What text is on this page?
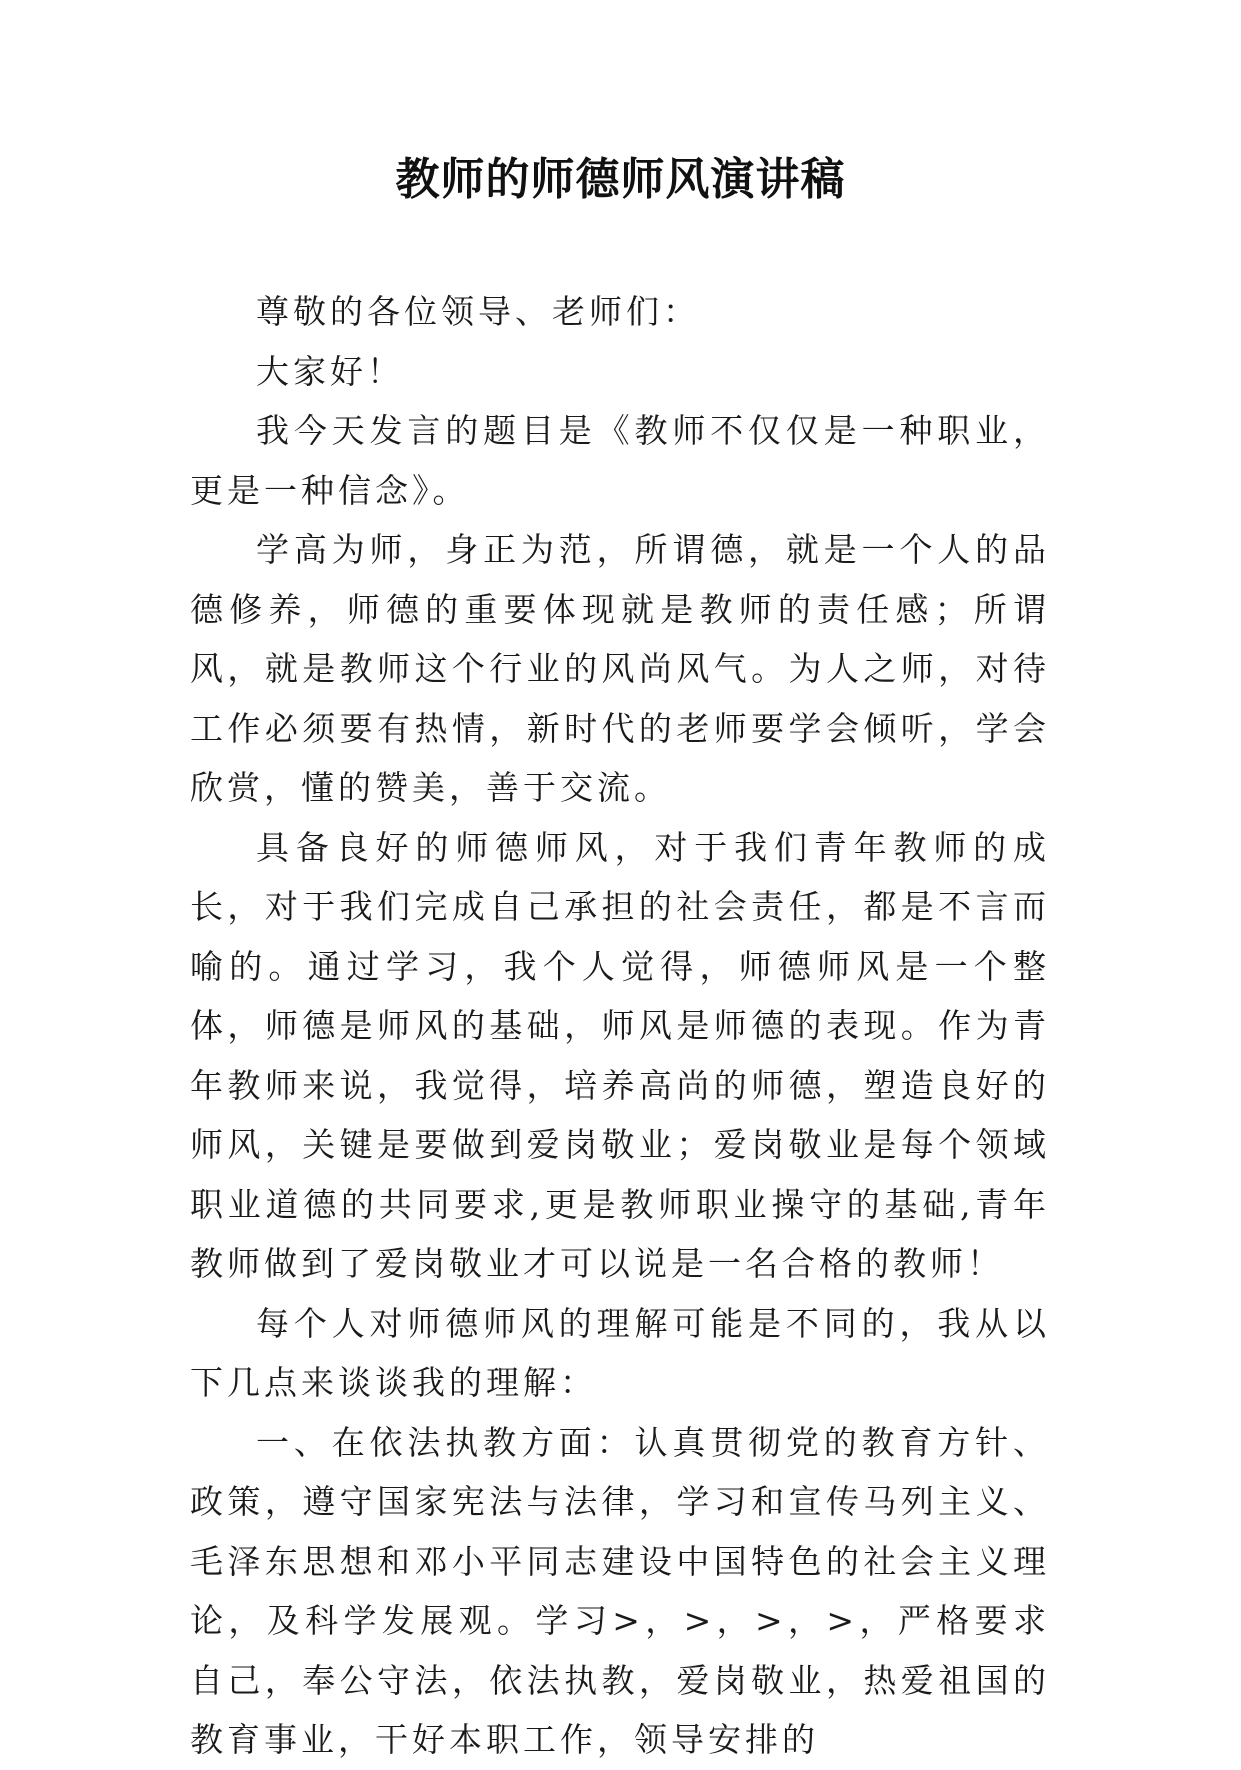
教师的师德师风演讲稿

尊敬的各位领导、老师们：

大家好！

我今天发言的题目是《教师不仅仅是一种职业，更是一种信念》。

学高为师，身正为范，所谓德，就是一个人的品德修养，师德的重要体现就是教师的责任感；所谓风，就是教师这个行业的风尚风气。为人之师，对待工作必须要有热情，新时代的老师要学会倾听，学会欣赏，懂的赞美，善于交流。

具备良好的师德师风，对于我们青年教师的成长，对于我们完成自己承担的社会责任，都是不言而喻的。通过学习，我个人觉得，师德师风是一个整体，师德是师风的基础，师风是师德的表现。作为青年教师来说，我觉得，培养高尚的师德，塑造良好的师风，关键是要做到爱岗敬业；爱岗敬业是每个领域职业道德的共同要求,更是教师职业操守的基础,青年教师做到了爱岗敬业才可以说是一名合格的教师！

每个人对师德师风的理解可能是不同的，我从以下几点来谈谈我的理解：

一、在依法执教方面：认真贯彻党的教育方针、政策，遵守国家宪法与法律，学习和宣传马列主义、毛泽东思想和邓小平同志建设中国特色的社会主义理论，及科学发展观。学习>，>，>，>，严格要求自己，奉公守法，依法执教，爱岗敬业，热爱祖国的教育事业，干好本职工作，领导安排的
